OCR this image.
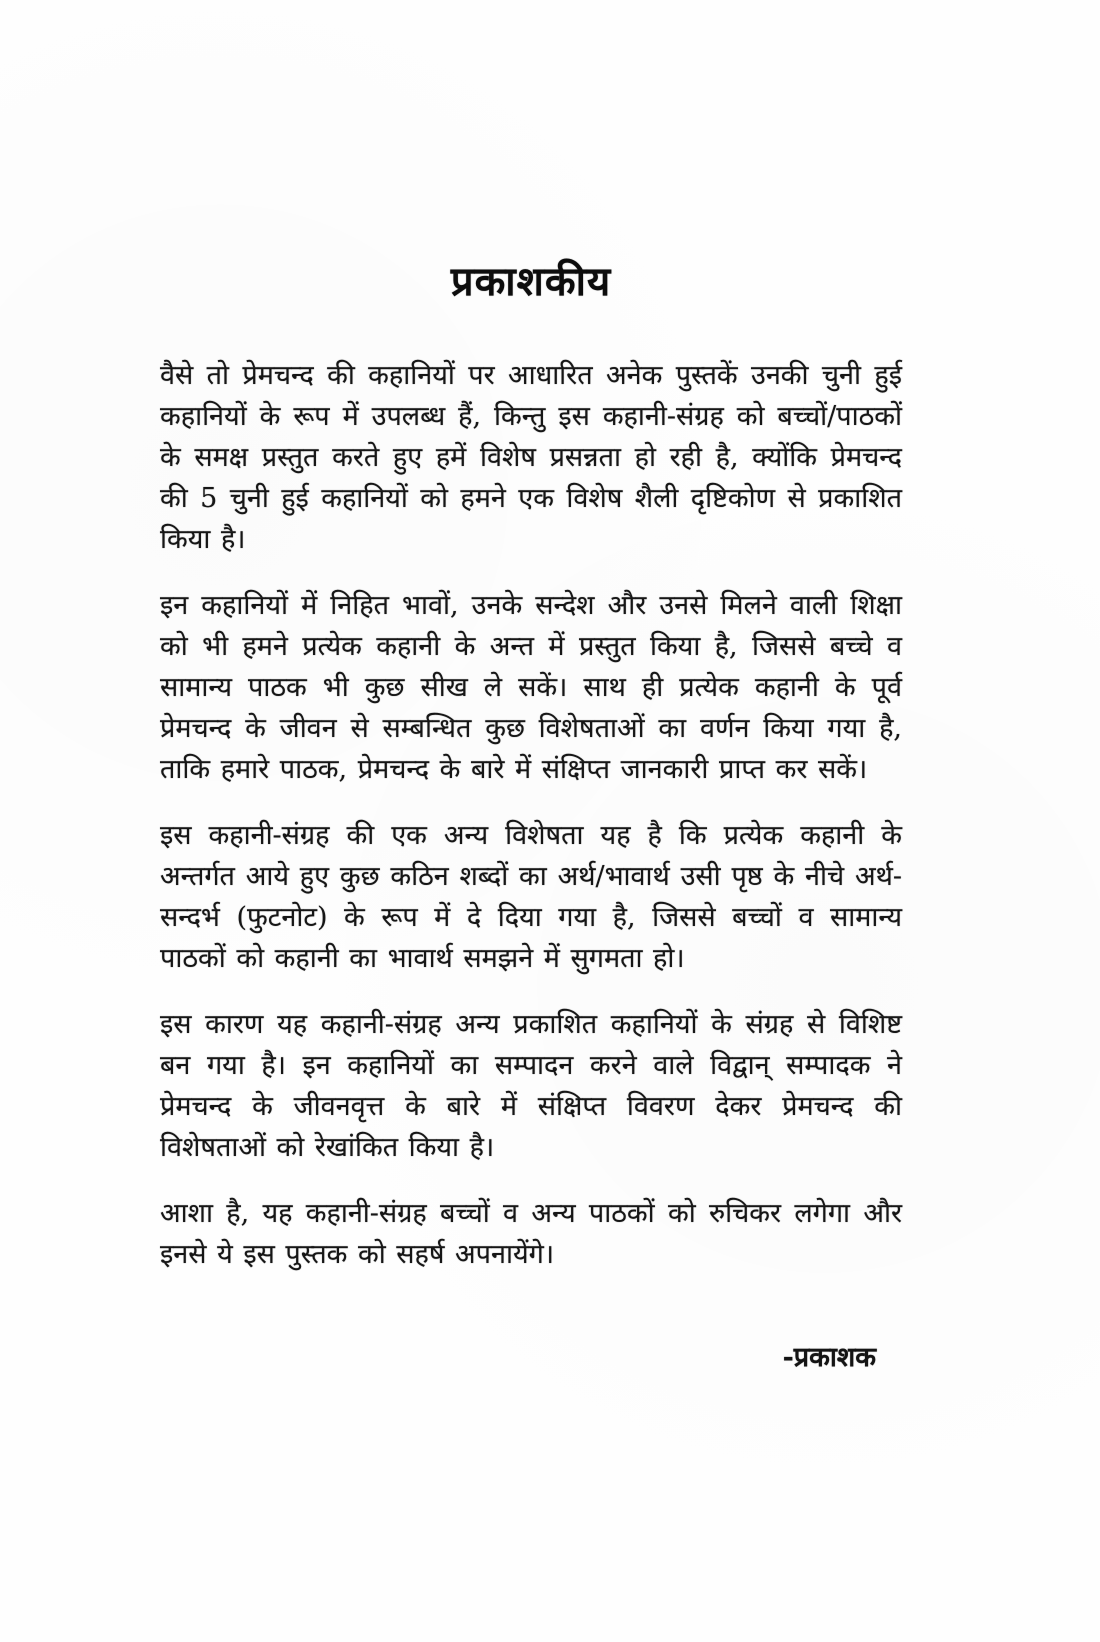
प्रकाशकीय

वैसे तो प्रेमचन्द की कहानियों पर आधारित अनेक पुस्तकें उनकी चुनी हुई कहानियों के रूप में उपलब्ध हैं, किन्तु इस कहानी-संग्रह को बच्चों/पाठकों के समक्ष प्रस्तुत करते हुए हमें विशेष प्रसन्नता हो रही है, क्योंकि प्रेमचन्द की 5 चुनी हुई कहानियों को हमने एक विशेष शैली दृष्टिकोण से प्रकाशित किया है।

इन कहानियों में निहित भावों, उनके सन्देश और उनसे मिलने वाली शिक्षा को भी हमने प्रत्येक कहानी के अन्त में प्रस्तुत किया है, जिससे बच्चे व सामान्य पाठक भी कुछ सीख ले सकें। साथ ही प्रत्येक कहानी के पूर्व प्रेमचन्द के जीवन से सम्बन्धित कुछ विशेषताओं का वर्णन किया गया है, ताकि हमारे पाठक, प्रेमचन्द के बारे में संक्षिप्त जानकारी प्राप्त कर सकें।

इस कहानी-संग्रह की एक अन्य विशेषता यह है कि प्रत्येक कहानी के अन्तर्गत आये हुए कुछ कठिन शब्दों का अर्थ/भावार्थ उसी पृष्ठ के नीचे अर्थ-सन्दर्भ (फुटनोट) के रूप में दे दिया गया है, जिससे बच्चों व सामान्य पाठकों को कहानी का भावार्थ समझने में सुगमता हो।

इस कारण यह कहानी-संग्रह अन्य प्रकाशित कहानियों के संग्रह से विशिष्ट बन गया है। इन कहानियों का सम्पादन करने वाले विद्वान् सम्पादक ने प्रेमचन्द के जीवनवृत्त के बारे में संक्षिप्त विवरण देकर प्रेमचन्द की विशेषताओं को रेखांकित किया है।

आशा है, यह कहानी-संग्रह बच्चों व अन्य पाठकों को रुचिकर लगेगा और इनसे ये इस पुस्तक को सहर्ष अपनायेंगे।

-प्रकाशक
